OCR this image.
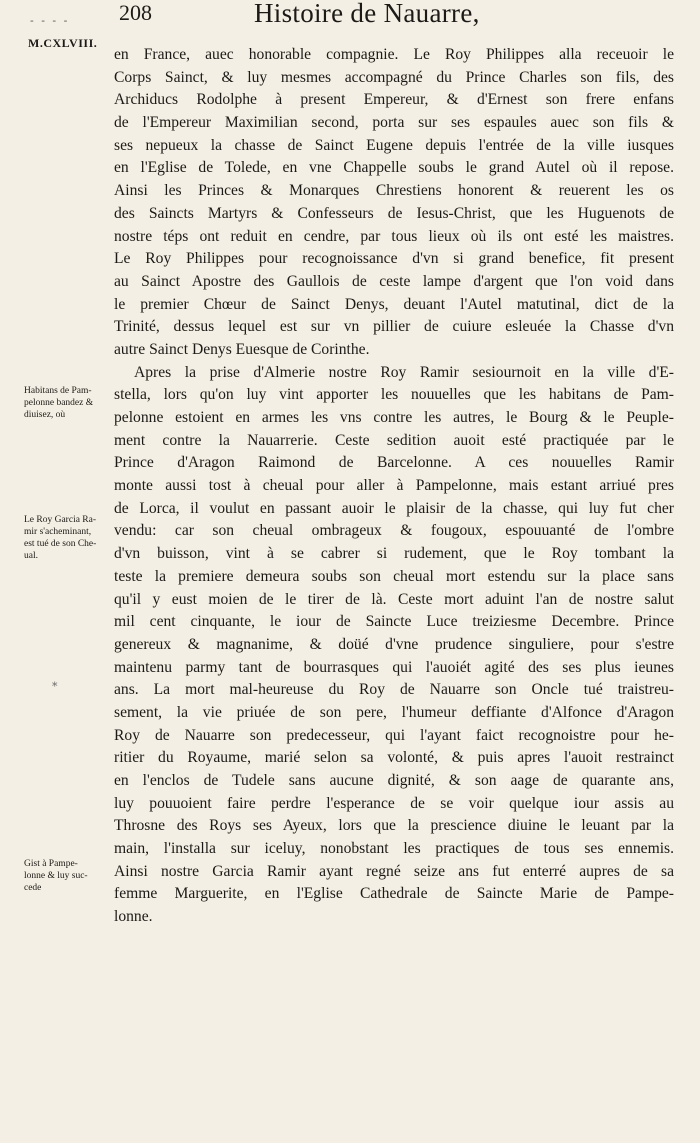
- - - -
M.CXLVIII.
208	Histoire de Nauarre,
Habitans de Pam-
pelonne bandez &
diuisez, où
Le Roy Garcia Ra-
mir s'acheminant,
est tué de son Che-
ual.
*
Gist à Pampe-
lonne & luy suc-
cede
en France, auec honorable compagnie. Le Roy Philippes alla receuoir le
Corps Sainct, & luy mesmes accompagné du Prince Charles son fils, des
Archiducs Rodolphe à present Empereur, & d'Ernest son frere enfans
de l'Empereur Maximilian second, porta sur ses espaules auec son fils &
ses nepueux la chasse de Sainct Eugene depuis l'entrée de la ville iusques
en l'Eglise de Tolede, en vne Chappelle soubs le grand Autel où il repose.
Ainsi les Princes & Monarques Chrestiens honorent & reuerent les os
des Saincts Martyrs & Confesseurs de Iesus-Christ, que les Huguenots de
nostre téps ont reduit en cendre, par tous lieux où ils ont esté les maistres.
Le Roy Philippes pour recognoissance d'vn si grand benefice, fit present
au Sainct Apostre des Gaullois de ceste lampe d'argent que l'on void dans
le premier Chœur de Sainct Denys, deuant l'Autel matutinal, dict de la
Trinité, dessus lequel est sur vn pillier de cuiure esleuée la Chasse d'vn
autre Sainct Denys Euesque de Corinthe.
Apres la prise d'Almerie nostre Roy Ramir sesiournoit en la ville d'E-
stella, lors qu'on luy vint apporter les nouuelles que les habitans de Pam-
pelonne estoient en armes les vns contre les autres, le Bourg & le Peuple-
ment contre la Nauarrerie. Ceste sedition auoit esté practiquée par le
Prince d'Aragon Raimond de Barcelonne. A ces nouuelles Ramir
monte aussi tost à cheual pour aller à Pampelonne, mais estant arriué pres
de Lorca, il voulut en passant auoir le plaisir de la chasse, qui luy fut cher
vendu: car son cheual ombrageux & fougoux, espouuanté de l'ombre
d'vn buisson, vint à se cabrer si rudement, que le Roy tombant la
teste la premiere demeura soubs son cheual mort estendu sur la place sans
qu'il y eust moien de le tirer de là. Ceste mort aduint l'an de nostre salut
mil cent cinquante, le iour de Saincte Luce treiziesme Decembre. Prince
genereux & magnanime, & doüé d'vne prudence singuliere, pour s'estre
maintenu parmy tant de bourrasques qui l'auoiét agité des ses plus ieunes
ans. La mort mal-heureuse du Roy de Nauarre son Oncle tué traistreu-
sement, la vie priuée de son pere, l'humeur deffiante d'Alfonce d'Aragon
Roy de Nauarre son predecesseur, qui l'ayant faict recognoistre pour he-
ritier du Royaume, marié selon sa volonté, & puis apres l'auoit restrainct
en l'enclos de Tudele sans aucune dignité, & son aage de quarante ans,
luy pouuoient faire perdre l'esperance de se voir quelque iour assis au
Throsne des Roys ses Ayeux, lors que la prescience diuine le leuant par la
main, l'installa sur iceluy, nonobstant les practiques de tous ses ennemis.
Ainsi nostre Garcia Ramir ayant regné seize ans fut enterré aupres de sa
femme Marguerite, en l'Eglise Cathedrale de Saincte Marie de Pampe-
lonne.
